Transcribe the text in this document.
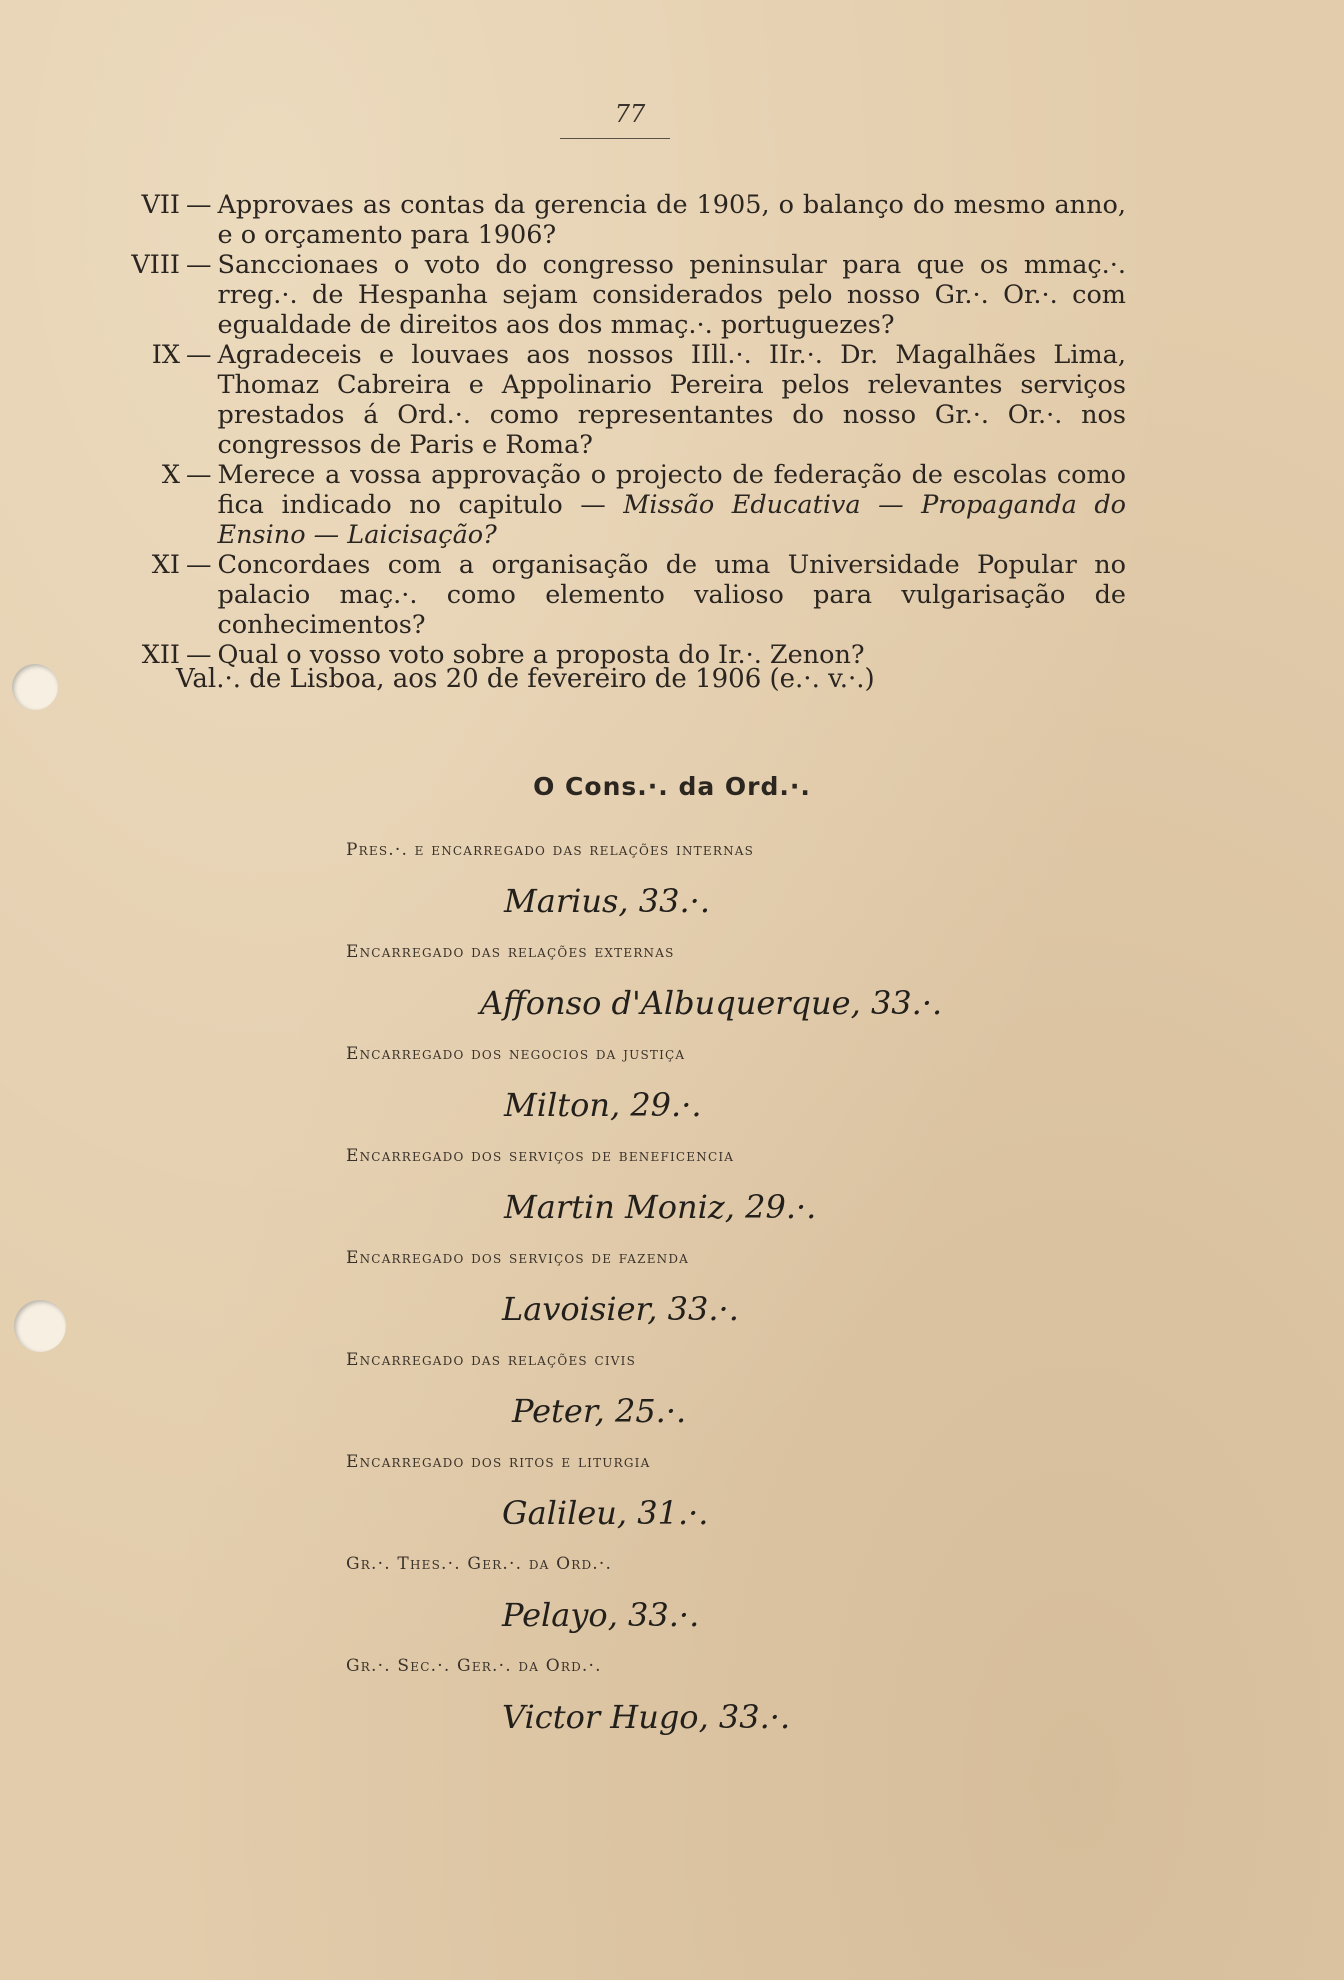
77
VII — Approvaes as contas da gerencia de 1905, o balanço do mesmo anno, e o orçamento para 1906?
VIII — Sanccionaes o voto do congresso peninsular para que os mmaç.·. rreg.·. de Hespanha sejam considerados pelo nosso Gr.·. Or.·. com egualdade de direitos aos dos mmaç.·. portuguezes?
IX — Agradeceis e louvaes aos nossos IIll.·. IIr.·. Dr. Magalhães Lima, Thomaz Cabreira e Appolinario Pereira pelos relevantes serviços prestados á Ord.·. como representantes do nosso Gr.·. Or.·. nos congressos de Paris e Roma?
X — Merece a vossa approvação o projecto de federação de escolas como fica indicado no capitulo — Missão Educativa — Propaganda do Ensino — Laicisação?
XI — Concordaes com a organisação de uma Universidade Popular no palacio maç.·. como elemento valioso para vulgarisação de conhecimentos?
XII — Qual o vosso voto sobre a proposta do Ir.·. Zenon?
Val.·. de Lisboa, aos 20 de fevereiro de 1906 (e.·. v.·.)
O Cons.·. da Ord.·.
Pres.·. e encarregado das relações internas
Marius, 33.·.
Encarregado das relações externas
Affonso d'Albuquerque, 33.·.
Encarregado dos negocios da justiça
Milton, 29.·.
Encarregado dos serviços de beneficencia
Martin Moniz, 29.·.
Encarregado dos serviços de fazenda
Lavoisier, 33.·.
Encarregado das relações civis
Peter, 25.·.
Encarregado dos ritos e liturgia
Galileu, 31.·.
Gr.·. Thes.·. Ger.·. da Ord.·.
Pelayo, 33.·.
Gr.·. Sec.·. Ger.·. da Ord.·.
Victor Hugo, 33.·.
